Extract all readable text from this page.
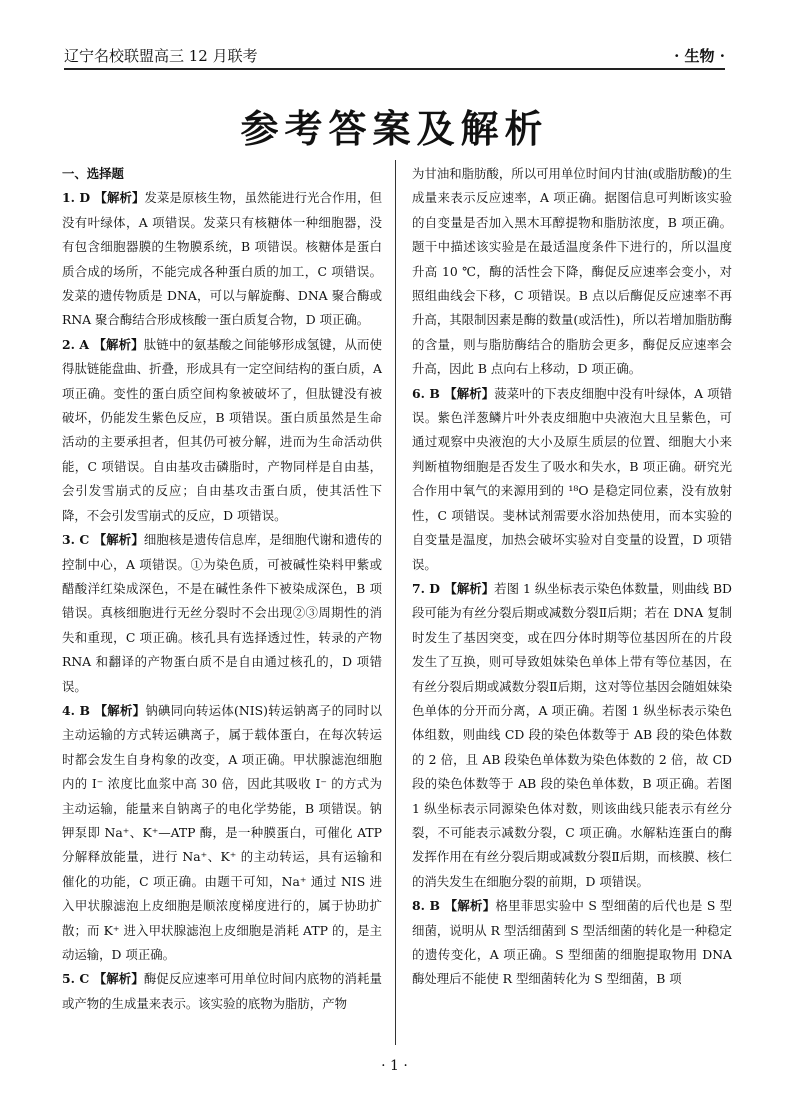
辽宁名校联盟高三 12 月联考	· 生物 ·
参考答案及解析
一、选择题

1. D 【解析】发菜是原核生物，虽然能进行光合作用，但没有叶绿体，A 项错误。发菜只有核糖体一种细胞器，没有包含细胞器膜的生物膜系统，B 项错误。核糖体是蛋白质合成的场所，不能完成各种蛋白质的加工，C 项错误。发菜的遗传物质是 DNA，可以与解旋酶、DNA 聚合酶或 RNA 聚合酶结合形成核酸一蛋白质复合物，D 项正确。

2. A 【解析】肽链中的氨基酸之间能够形成氢键，从而使得肽链能盘曲、折叠，形成具有一定空间结构的蛋白质，A 项正确。变性的蛋白质空间构象被破坏了，但肽键没有被破坏，仍能发生紫色反应，B 项错误。蛋白质虽然是生命活动的主要承担者，但其仍可被分解，进而为生命活动供能，C 项错误。自由基攻击磷脂时，产物同样是自由基，会引发雪崩式的反应；自由基攻击蛋白质，使其活性下降，不会引发雪崩式的反应，D 项错误。

3. C 【解析】细胞核是遗传信息库，是细胞代谢和遗传的控制中心，A 项错误。①为染色质，可被碱性染料甲紫或醋酸洋红染成深色，不是在碱性条件下被染成深色，B 项错误。真核细胞进行无丝分裂时不会出现②③周期性的消失和重现，C 项正确。核孔具有选择透过性，转录的产物 RNA 和翻译的产物蛋白质不是自由通过核孔的，D 项错误。

4. B 【解析】钠碘同向转运体(NIS)转运钠离子的同时以主动运输的方式转运碘离子，属于载体蛋白，在每次转运时都会发生自身构象的改变，A 项正确。甲状腺滤泡细胞内的 I⁻ 浓度比血浆中高 30 倍，因此其吸收 I⁻ 的方式为主动运输，能量来自钠离子的电化学势能，B 项错误。钠钾泵即 Na⁺、K⁺—ATP 酶，是一种膜蛋白，可催化 ATP 分解释放能量，进行 Na⁺、K⁺ 的主动转运，具有运输和催化的功能，C 项正确。由题干可知，Na⁺ 通过 NIS 进入甲状腺滤泡上皮细胞是顺浓度梯度进行的，属于协助扩散；而 K⁺ 进入甲状腺滤泡上皮细胞是消耗 ATP 的，是主动运输，D 项正确。

5. C 【解析】酶促反应速率可用单位时间内底物的消耗量或产物的生成量来表示。该实验的底物为脂肪，产物

为甘油和脂肪酸，所以可用单位时间内甘油(或脂肪酸)的生成量来表示反应速率，A 项正确。据图信息可判断该实验的自变量是否加入黑木耳醇提物和脂肪浓度，B 项正确。题干中描述该实验是在最适温度条件下进行的，所以温度升高 10 ℃，酶的活性会下降，酶促反应速率会变小，对照组曲线会下移，C 项错误。B 点以后酶促反应速率不再升高，其限制因素是酶的数量(或活性)，所以若增加脂肪酶的含量，则与脂肪酶结合的脂肪会更多，酶促反应速率会升高，因此 B 点向右上移动，D 项正确。

6. B 【解析】菠菜叶的下表皮细胞中没有叶绿体，A 项错误。紫色洋葱鳞片叶外表皮细胞中央液泡大且呈紫色，可通过观察中央液泡的大小及原生质层的位置、细胞大小来判断植物细胞是否发生了吸水和失水，B 项正确。研究光合作用中氧气的来源用到的 ¹⁸O 是稳定同位素，没有放射性，C 项错误。斐林试剂需要水浴加热使用，而本实验的自变量是温度，加热会破坏实验对自变量的设置，D 项错误。

7. D 【解析】若图 1 纵坐标表示染色体数量，则曲线 BD 段可能为有丝分裂后期或减数分裂Ⅱ后期；若在 DNA 复制时发生了基因突变，或在四分体时期等位基因所在的片段发生了互换，则可导致姐妹染色单体上带有等位基因，在有丝分裂后期或减数分裂Ⅱ后期，这对等位基因会随姐妹染色单体的分开而分离，A 项正确。若图 1 纵坐标表示染色体组数，则曲线 CD 段的染色体数等于 AB 段的染色体数的 2 倍，且 AB 段染色单体数为染色体数的 2 倍，故 CD 段的染色体数等于 AB 段的染色单体数，B 项正确。若图 1 纵坐标表示同源染色体对数，则该曲线只能表示有丝分裂，不可能表示减数分裂，C 项正确。水解粘连蛋白的酶发挥作用在有丝分裂后期或减数分裂Ⅱ后期，而核膜、核仁的消失发生在细胞分裂的前期，D 项错误。

8. B 【解析】格里菲思实验中 S 型细菌的后代也是 S 型细菌，说明从 R 型活细菌到 S 型活细菌的转化是一种稳定的遗传变化，A 项正确。S 型细菌的细胞提取物用 DNA 酶处理后不能使 R 型细菌转化为 S 型细菌，B 项

· 1 ·
